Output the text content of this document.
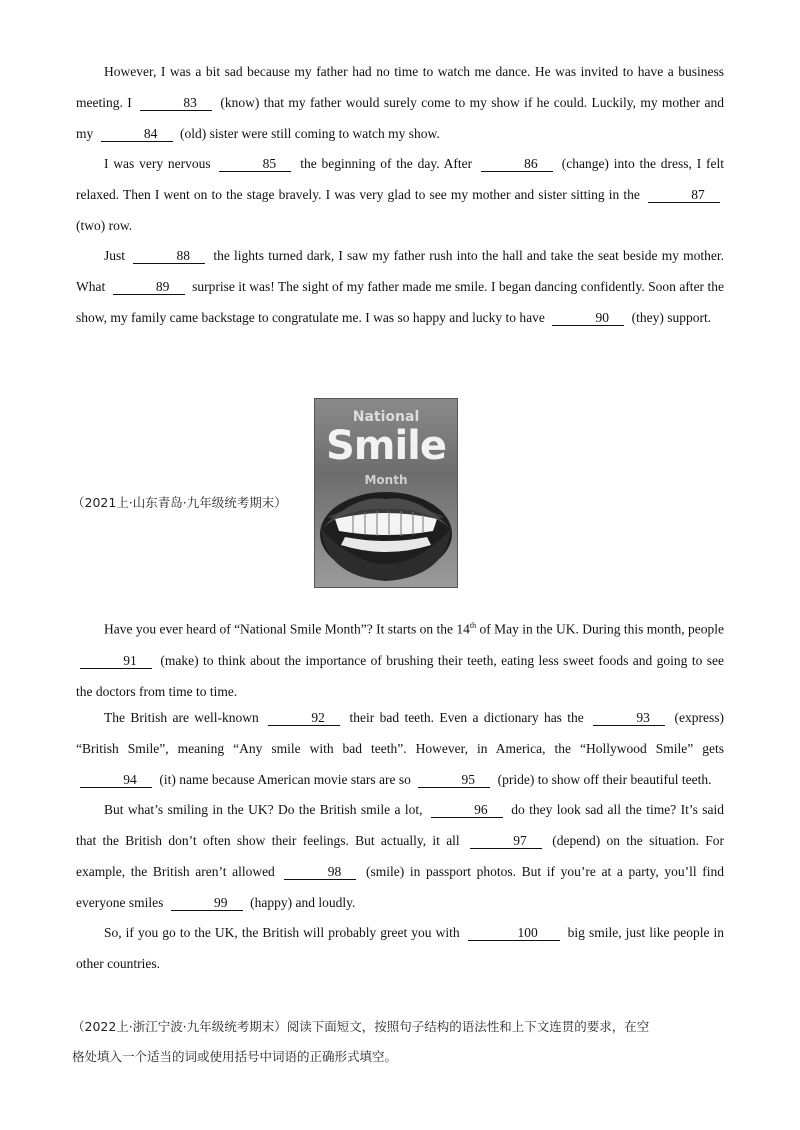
However, I was a bit sad because my father had no time to watch me dance. He was invited to have a business meeting. I	83 (know) that my father would surely come to my show if he could. Luckily, my mother and my	84 (old) sister were still coming to watch my show.
I was very nervous	85 the beginning of the day. After	86 (change) into the dress, I felt relaxed. Then I went on to the stage bravely. I was very glad to see my mother and sister sitting in the	87 (two) row.
Just	88 the lights turned dark, I saw my father rush into the hall and take the seat beside my mother. What	89 surprise it was! The sight of my father made me smile. I began dancing confidently. Soon after the show, my family came backstage to congratulate me. I was so happy and lucky to have	90 (they) support.
（2021上·山东青岛·九年级统考期末）
National
Smile
Month
Have you ever heard of “National Smile Month”? It starts on the 14th of May in the UK. During this month, people 91 (make) to think about the importance of brushing their teeth, eating less sweet foods and going to see the doctors from time to time.
The British are well-known	92 their bad teeth. Even a dictionary has the	93 (express) “British Smile”, meaning “Any smile with bad teeth”. However, in America, the “Hollywood Smile” gets 94 (it) name because American movie stars are so	95 (pride) to show off their beautiful teeth.
But what’s smiling in the UK? Do the British smile a lot,	96 do they look sad all the time? It’s said that the British don’t often show their feelings. But actually, it all	97 (depend) on the situation. For example, the British aren’t allowed	98 (smile) in passport photos. But if you’re at a party, you’ll find everyone smiles	99 (happy) and loudly.
So, if you go to the UK, the British will probably greet you with	100 big smile, just like people in other countries.
（2022上·浙江宁波·九年级统考期末）阅读下面短文，按照句子结构的语法性和上下文连贯的要求，在空
格处填入一个适当的词或使用括号中词语的正确形式填空。
